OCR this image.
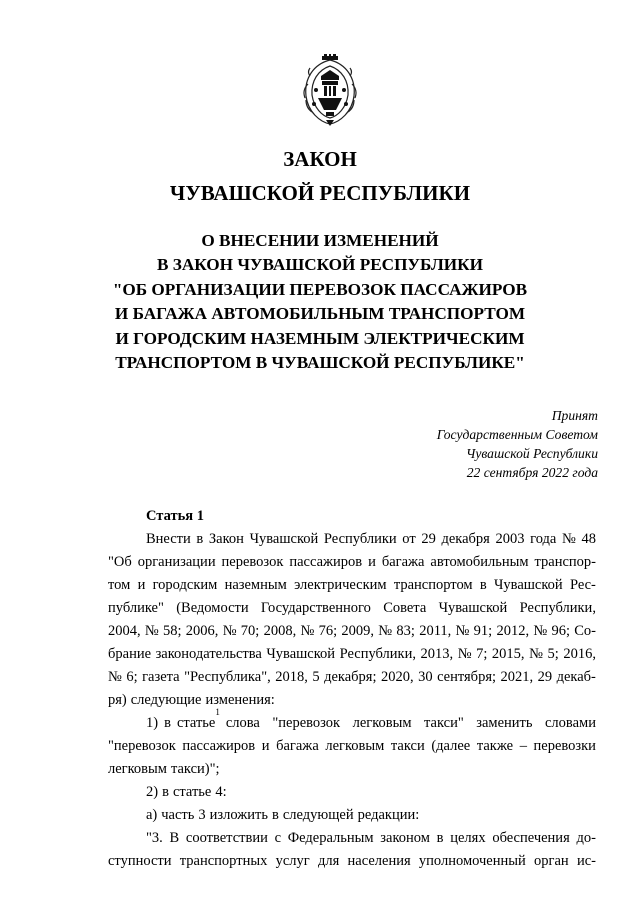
ЗАКОН
ЧУВАШСКОЙ РЕСПУБЛИКИ
О ВНЕСЕНИИ ИЗМЕНЕНИЙ
В ЗАКОН ЧУВАШСКОЙ РЕСПУБЛИКИ
"ОБ ОРГАНИЗАЦИИ ПЕРЕВОЗОК ПАССАЖИРОВ
И БАГАЖА АВТОМОБИЛЬНЫМ ТРАНСПОРТОМ
И ГОРОДСКИМ НАЗЕМНЫМ ЭЛЕКТРИЧЕСКИМ
ТРАНСПОРТОМ В ЧУВАШСКОЙ РЕСПУБЛИКЕ"
Принят
Государственным Советом
Чувашской Республики
22 сентября 2022 года
Статья 1
Внести в Закон Чувашской Республики от 29 декабря 2003 года № 48
"Об организации перевозок пассажиров и багажа автомобильным транспор-
том и городским наземным электрическим транспортом в Чувашской Рес-
публике" (Ведомости Государственного Совета Чувашской Республики,
2004, № 58; 2006, № 70; 2008, № 76; 2009, № 83; 2011, № 91; 2012, № 96; Со-
брание законодательства Чувашской Республики, 2013, № 7; 2015, № 5; 2016,
№ 6; газета "Республика", 2018, 5 декабря; 2020, 30 сентября; 2021, 29 декаб-
ря) следующие изменения:
1) в статье
1
слова "перевозок легковым такси" заменить словами
"перевозок пассажиров и багажа легковым такси (далее также – перевозки
легковым такси)";
2) в статье 4:
а) часть 3 изложить в следующей редакции:
"3. В соответствии с Федеральным законом в целях обеспечения до-
ступности транспортных услуг для населения уполномоченный орган ис-
